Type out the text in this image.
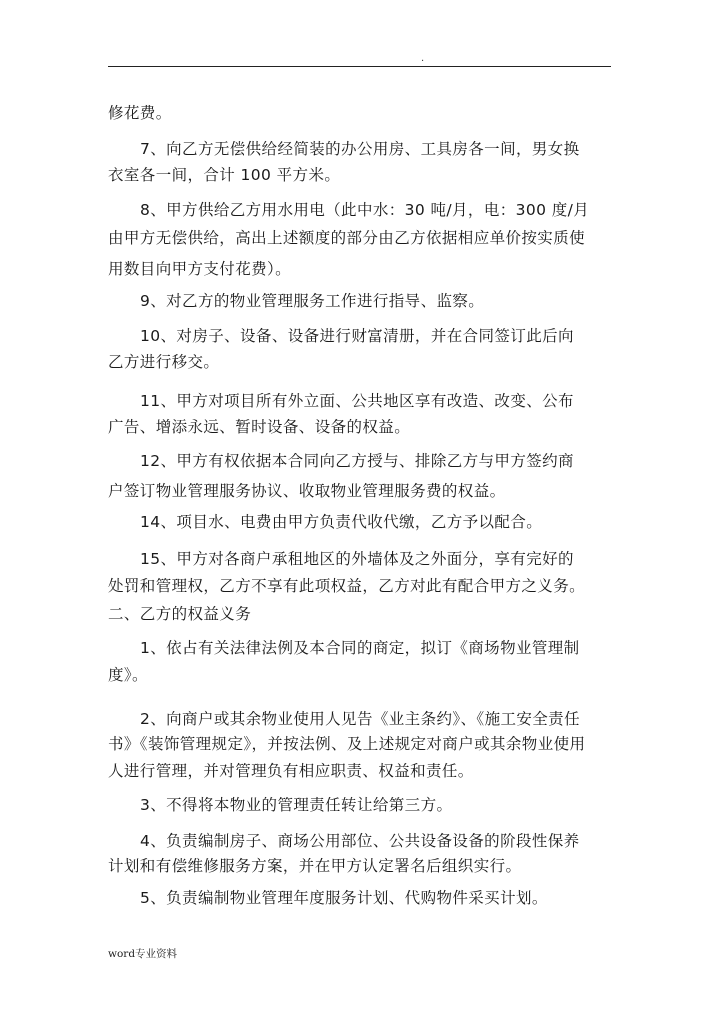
.
修花费。
7、向乙方无偿供给经简装的办公用房、工具房各一间，男女换
衣室各一间，合计 100 平方米。
8、甲方供给乙方用水用电（此中水：30 吨/月，电：300 度/月
由甲方无偿供给，高出上述额度的部分由乙方依据相应单价按实质使
用数目向甲方支付花费）。
9、对乙方的物业管理服务工作进行指导、监察。
10、对房子、设备、设备进行财富清册，并在合同签订此后向
乙方进行移交。
11、甲方对项目所有外立面、公共地区享有改造、改变、公布
广告、增添永远、暂时设备、设备的权益。
12、甲方有权依据本合同向乙方授与、排除乙方与甲方签约商
户签订物业管理服务协议、收取物业管理服务费的权益。
14、项目水、电费由甲方负责代收代缴，乙方予以配合。
15、甲方对各商户承租地区的外墙体及之外面分，享有完好的
处罚和管理权，乙方不享有此项权益，乙方对此有配合甲方之义务。
二、乙方的权益义务
1、依占有关法律法例及本合同的商定，拟订《商场物业管理制
度》。
2、向商户或其余物业使用人见告《业主条约》、《施工安全责任
书》《装饰管理规定》，并按法例、及上述规定对商户或其余物业使用
人进行管理，并对管理负有相应职责、权益和责任。
3、不得将本物业的管理责任转让给第三方。
4、负责编制房子、商场公用部位、公共设备设备的阶段性保养
计划和有偿维修服务方案，并在甲方认定署名后组织实行。
5、负责编制物业管理年度服务计划、代购物件采买计划。
word专业资料
